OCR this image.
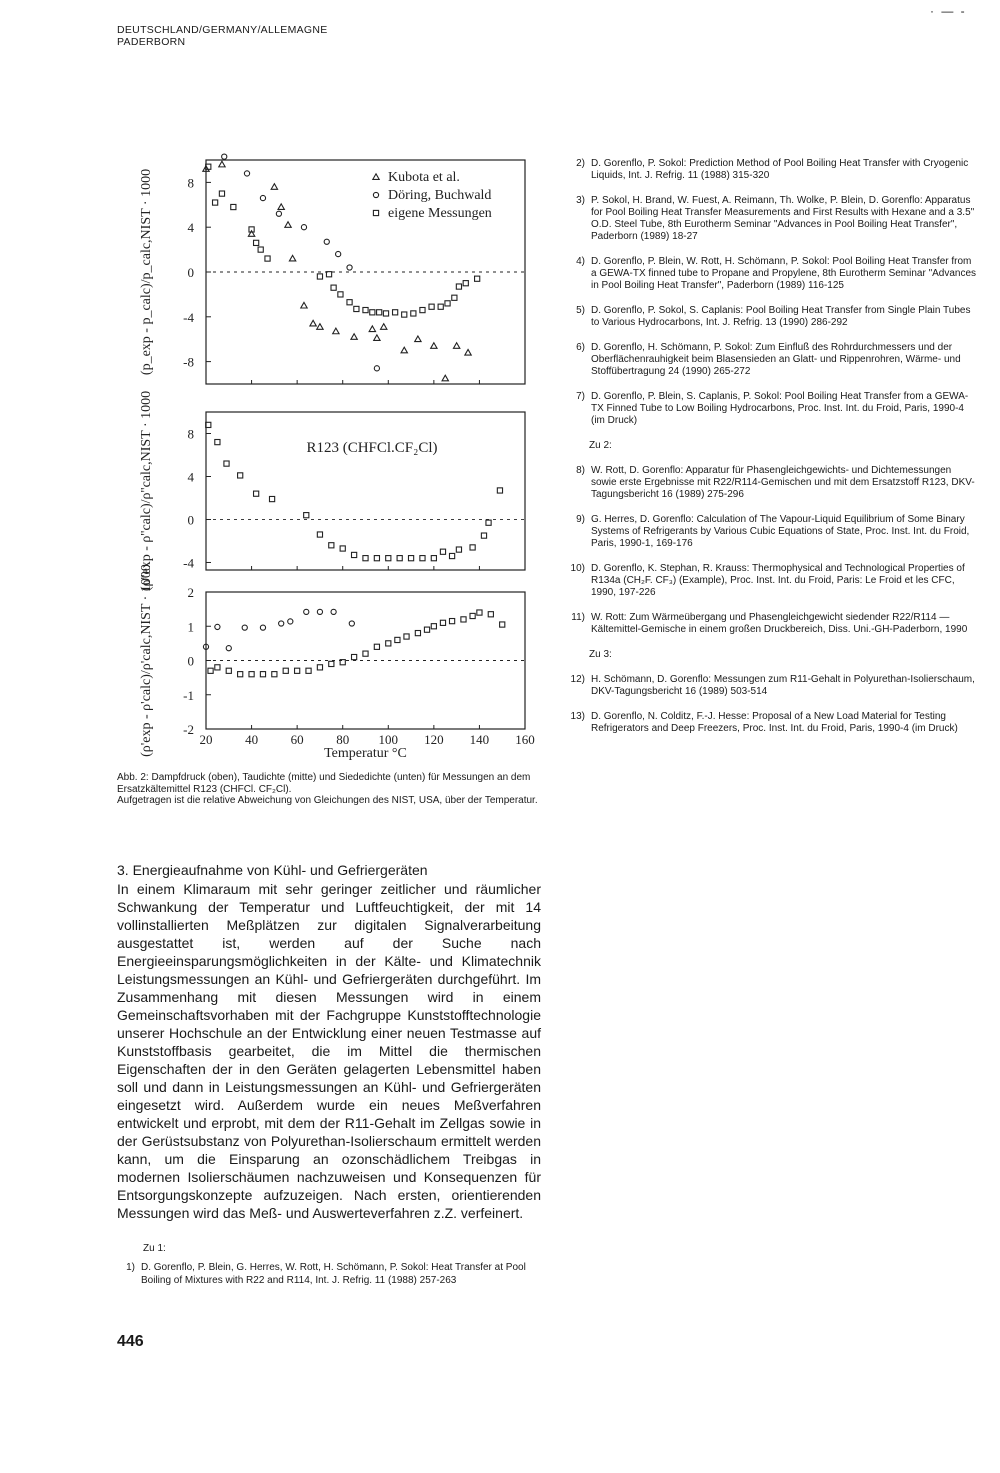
DEUTSCHLAND/GERMANY/ALLEMAGNE
PADERBORN
· — ‐
8
4
0
-4
-8
(p_exp - p_calc)/p_calc,NIST · 1000	Kubota et al.
Döring, Buchwald
eigene Messungen
8
4
0
-4
(ρ''exp - ρ''calc)/ρ''calc,NIST · 1000	R123 (CHFCl.CF₂Cl)
2
1
0
-1
-2
20	40	60	80 100 120 140 160
(ρ'exp - ρ'calc)/ρ'calc,NIST · 1000	Temperatur °C

Abb. 2: Dampfdruck (oben), Taudichte (mitte) und Siededichte (unten) für Messungen an dem Ersatzkältemittel R123 (CHFCl. CF₂Cl).

Aufgetragen ist die relative Abweichung von Gleichungen des NIST, USA, über der Temperatur.

3. Energieaufnahme von Kühl- und Gefriergeräten
In einem Klimaraum mit sehr geringer zeitlicher und räumlicher Schwankung der Temperatur und Luftfeuchtigkeit, der mit 14 vollinstallierten Meßplätzen zur digitalen Signalverarbeitung ausgestattet ist, werden auf der Suche nach Energieeinsparungsmöglichkeiten in der Kälte- und Klimatechnik Leistungsmessungen an Kühl- und Gefriergeräten durchgeführt. Im Zusammenhang mit diesen Messungen wird in einem Gemeinschaftsvorhaben mit der Fachgruppe Kunststofftechnologie unserer Hochschule an der Entwicklung einer neuen Testmasse auf Kunststoffbasis gearbeitet, die im Mittel die thermischen Eigenschaften der in den Geräten gelagerten Lebensmittel haben soll und dann in Leistungsmessungen an Kühl- und Gefriergeräten eingesetzt wird. Außerdem wurde ein neues Meßverfahren entwickelt und erprobt, mit dem der R11-Gehalt im Zellgas sowie in der Gerüstsubstanz von Polyurethan-Isolierschaum ermittelt werden kann, um die Einsparung an ozonschädlichem Treibgas in modernen Isolierschäumen nachzuweisen und Konsequenzen für Entsorgungskonzepte aufzuzeigen. Nach ersten, orientierenden Messungen wird das Meß- und Auswerteverfahren z.Z. verfeinert.
Zu 1:
1) D. Gorenflo, P. Blein, G. Herres, W. Rott, H. Schömann, P. Sokol: Heat Transfer at Pool Boiling of Mixtures with R22 and R114, Int. J. Refrig. 11 (1988) 257-263
446
2) D. Gorenflo, P. Sokol: Prediction Method of Pool Boiling Heat Transfer with Cryogenic Liquids, Int. J. Refrig. 11 (1988) 315-320
3) P. Sokol, H. Brand, W. Fuest, A. Reimann, Th. Wolke, P. Blein, D. Gorenflo: Apparatus for Pool Boiling Heat Transfer Measurements and First Results with Hexane and a 3.5" O.D. Steel Tube, 8th Eurotherm Seminar "Advances in Pool Boiling Heat Transfer", Paderborn (1989) 18-27
4) D. Gorenflo, P. Blein, W. Rott, H. Schömann, P. Sokol: Pool Boiling Heat Transfer from a GEWA-TX finned tube to Propane and Propylene, 8th Eurotherm Seminar "Advances in Pool Boiling Heat Transfer", Paderborn (1989) 116-125
5) D. Gorenflo, P. Sokol, S. Caplanis: Pool Boiling Heat Transfer from Single Plain Tubes to Various Hydrocarbons, Int. J. Refrig. 13 (1990) 286-292
6) D. Gorenflo, H. Schömann, P. Sokol: Zum Einfluß des Rohrdurchmessers und der Oberflächenrauhigkeit beim Blasensieden an Glatt- und Rippenrohren, Wärme- und Stoffübertragung 24 (1990) 265-272
7) D. Gorenflo, P. Blein, S. Caplanis, P. Sokol: Pool Boiling Heat Transfer from a GEWA-TX Finned Tube to Low Boiling Hydrocarbons, Proc. Inst. Int. du Froid, Paris, 1990-4 (im Druck)
Zu 2:
8) W. Rott, D. Gorenflo: Apparatur für Phasengleichgewichts- und Dichtemessungen sowie erste Ergebnisse mit R22/R114-Gemischen und mit dem Ersatzstoff R123, DKV-Tagungsbericht 16 (1989) 275-296
9) G. Herres, D. Gorenflo: Calculation of The Vapour-Liquid Equilibrium of Some Binary Systems of Refrigerants by Various Cubic Equations of State, Proc. Inst. Int. du Froid, Paris, 1990-1, 169-176
10) D. Gorenflo, K. Stephan, R. Krauss: Thermophysical and Technological Properties of R134a (CH₂F. CF₃) (Example), Proc. Inst. Int. du Froid, Paris: Le Froid et les CFC, 1990, 197-226
11) W. Rott: Zum Wärmeübergang und Phasengleichgewicht siedender R22/R114 — Kältemittel-Gemische in einem großen Druckbereich, Diss. Uni.-GH-Paderborn, 1990
Zu 3:
12) H. Schömann, D. Gorenflo: Messungen zum R11-Gehalt in Polyurethan-Isolierschaum, DKV-Tagungsbericht 16 (1989) 503-514
13) D. Gorenflo, N. Colditz, F.-J. Hesse: Proposal of a New Load Material for Testing Refrigerators and Deep Freezers, Proc. Inst. Int. du Froid, Paris, 1990-4 (im Druck)
